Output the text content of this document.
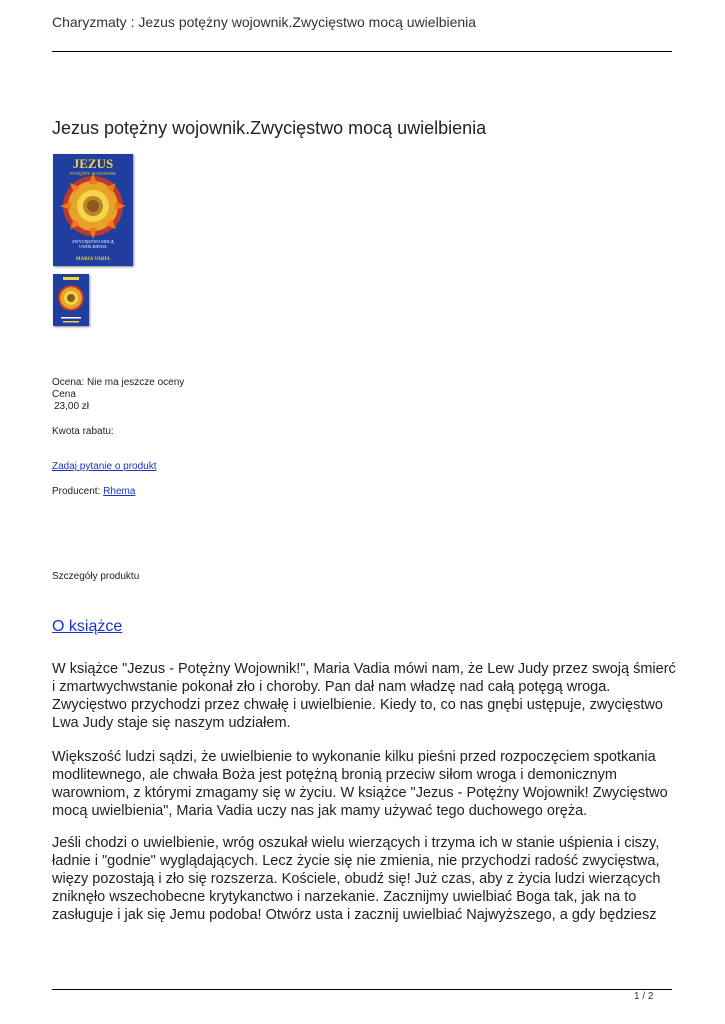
Charyzmaty : Jezus potężny wojownik.Zwycięstwo mocą uwielbienia
Jezus potężny wojownik.Zwycięstwo mocą uwielbienia
JEZUS
POTĘŻNY WOJOWNIK
ZWYCIĘSTWO MOCĄ
UWIELBIENIA
MARIA VADIA
Ocena: Nie ma jeszcze oceny
Cena
23,00 zł
Kwota rabatu:
Zadaj pytanie o produkt
Producent: Rhema
Szczegóły produktu
O książce

W książce "Jezus - Potężny Wojownik!", Maria Vadia mówi nam, że Lew Judy przez swoją śmierć i zmartwychwstanie pokonał zło i choroby. Pan dał nam władzę nad całą potęgą wroga. Zwycięstwo przychodzi przez chwałę i uwielbienie. Kiedy to, co nas gnębi ustępuje, zwycięstwo Lwa Judy staje się naszym udziałem.

Większość ludzi sądzi, że uwielbienie to wykonanie kilku pieśni przed rozpoczęciem spotkania modlitewnego, ale chwała Boża jest potężną bronią przeciw siłom wroga i demonicznym warowniom, z którymi zmagamy się w życiu. W książce "Jezus - Potężny Wojownik! Zwycięstwo mocą uwielbienia", Maria Vadia uczy nas jak mamy używać tego duchowego oręża.

Jeśli chodzi o uwielbienie, wróg oszukał wielu wierzących i trzyma ich w stanie uśpienia i ciszy, ładnie i "godnie" wyglądających. Lecz życie się nie zmienia, nie przychodzi radość zwycięstwa, więzy pozostają i zło się rozszerza. Kościele, obudź się! Już czas, aby z życia ludzi wierzących zniknęło wszechobecne krytykanctwo i narzekanie. Zacznijmy uwielbiać Boga tak, jak na to zasługuje i jak się Jemu podoba! Otwórz usta i zacznij uwielbiać Najwyższego, a gdy będziesz

1 / 2
